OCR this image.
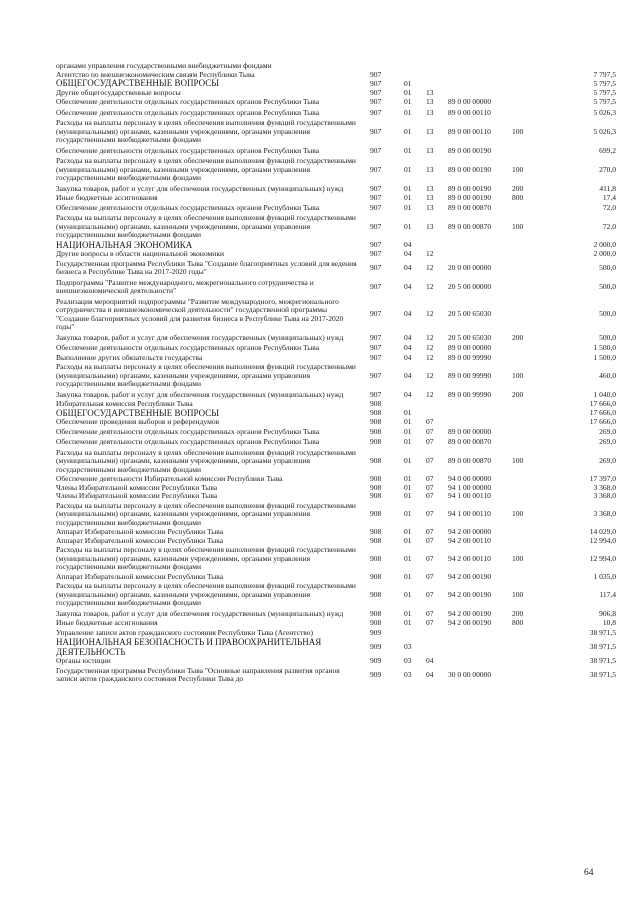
органами управления государственными внебюджетными фондами						
Агентство по внешнеэкономическим связям Республики Тыва	907					7 797,5
ОБЩЕГОСУДАРСТВЕННЫЕ ВОПРОСЫ	907	01				5 797,5
Другие общегосударственные вопросы	907	01	13			5 797,5
Обеспечение деятельности отдельных государственных органов Республики Тыва	907	01	13	89 0 00 00000		5 797,5
Обеспечение деятельности отдельных государственных органов Республики Тыва	907	01	13	89 0 00 00110		5 026,3
Расходы на выплаты персоналу в целях обеспечения выполнения функций государственными (муниципальными) органами, казенными учреждениями, органами управления государственными внебюджетными фондами	907	01	13	89 0 00 00110	100	5 026,3
Обеспечение деятельности отдельных государственных органов Республики Тыва	907	01	13	89 0 00 00190		699,2
Расходы на выплаты персоналу в целях обеспечения выполнения функций государственными (муниципальными) органами, казенными учреждениями, органами управления государственными внебюджетными фондами	907	01	13	89 0 00 00190	100	270,0
Закупка товаров, работ и услуг для обеспечения государственных (муниципальных) нужд	907	01	13	89 0 00 00190	200	411,8
Иные бюджетные ассигнования	907	01	13	89 0 00 00190	800	17,4
Обеспечение деятельности отдельных государственных органов Республики Тыва	907	01	13	89 0 00 00870		72,0
Расходы на выплаты персоналу в целях обеспечения выполнения функций государственными (муниципальными) органами, казенными учреждениями, органами управления государственными внебюджетными фондами	907	01	13	89 0 00 00870	100	72,0
НАЦИОНАЛЬНАЯ ЭКОНОМИКА	907	04				2 000,0
Другие вопросы в области национальной экономики	907	04	12			2 000,0
Государственная программа Республики Тыва "Создание благоприятных условий для ведения бизнеса в Республике Тыва на 2017-2020 годы"	907	04	12	20 0 00 00000		500,0
Подпрограмма "Развитие международного, межрегионального сотрудничества и внешнеэкономической деятельности"	907	04	12	20 5 00 00000		500,0
Реализация мероприятий подпрограммы "Развитие международного, межрегионального сотрудничества и внешнеэкономической деятельности" государственной программы "Создание благоприятных условий для развития бизнеса в Республике Тыва на 2017-2020 годы"	907	04	12	20 5 00 65030		500,0
Закупка товаров, работ и услуг для обеспечения государственных (муниципальных) нужд	907	04	12	20 5 00 65030	200	500,0
Обеспечение деятельности отдельных государственных органов Республики Тыва	907	04	12	89 0 00 00000		1 500,0
Выполнение других обязательств государства	907	04	12	89 0 00 99990		1 500,0
Расходы на выплаты персоналу в целях обеспечения выполнения функций государственными (муниципальными) органами, казенными учреждениями, органами управления государственными внебюджетными фондами	907	04	12	89 0 00 99990	100	460,0
Закупка товаров, работ и услуг для обеспечения государственных (муниципальных) нужд	907	04	12	89 0 00 99990	200	1 040,0
Избирательная комиссия Республики Тыва	908					17 666,0
ОБЩЕГОСУДАРСТВЕННЫЕ ВОПРОСЫ	908	01				17 666,0
Обеспечение проведения выборов и референдумов	908	01	07			17 666,0
Обеспечение деятельности отдельных государственных органов Республики Тыва	908	01	07	89 0 00 00000		269,0
Обеспечение деятельности отдельных государственных органов Республики Тыва	908	01	07	89 0 00 00870		269,0
Расходы на выплаты персоналу в целях обеспечения выполнения функций государственными (муниципальными) органами, казенными учреждениями, органами управления государственными внебюджетными фондами	908	01	07	89 0 00 00870	100	269,0
Обеспечение деятельности Избирательной комиссии Республики Тыва	908	01	07	94 0 00 00000		17 397,0
Члены Избирательной комиссии Республики Тыва	908	01	07	94 1 00 00000		3 368,0
Члены Избирательной комиссии Республики Тыва	908	01	07	94 1 00 00110		3 368,0
Расходы на выплаты персоналу в целях обеспечения выполнения функций государственными (муниципальными) органами, казенными учреждениями, органами управления государственными внебюджетными фондами	908	01	07	94 1 00 00110	100	3 368,0
Аппарат Избирательной комиссии Республики Тыва	908	01	07	94 2 00 00000		14 029,0
Аппарат Избирательной комиссии Республики Тыва	908	01	07	94 2 00 00110		12 994,0
Расходы на выплаты персоналу в целях обеспечения выполнения функций государственными (муниципальными) органами, казенными учреждениями, органами управления государственными внебюджетными фондами	908	01	07	94 2 00 00110	100	12 994,0
Аппарат Избирательной комиссии Республики Тыва	908	01	07	94 2 00 00190		1 035,0
Расходы на выплаты персоналу в целях обеспечения выполнения функций государственными (муниципальными) органами, казенными учреждениями, органами управления государственными внебюджетными фондами	908	01	07	94 2 00 00190	100	117,4
Закупка товаров, работ и услуг для обеспечения государственных (муниципальных) нужд	908	01	07	94 2 00 00190	200	906,8
Иные бюджетные ассигнования	908	01	07	94 2 00 00190	800	10,8
Управление записи актов гражданского состояния Республики Тыва (Агентство)	909					38 971,5
НАЦИОНАЛЬНАЯ БЕЗОПАСНОСТЬ И ПРАВООХРАНИТЕЛЬНАЯ ДЕЯТЕЛЬНОСТЬ	909	03				38 971,5
Органы юстиции	909	03	04			38 971,5
Государственная программа Республики Тыва "Основные направления развития органов записи актов гражданского состояния Республики Тыва до	909	03	04	30 0 00 00000		38 971,5
64
